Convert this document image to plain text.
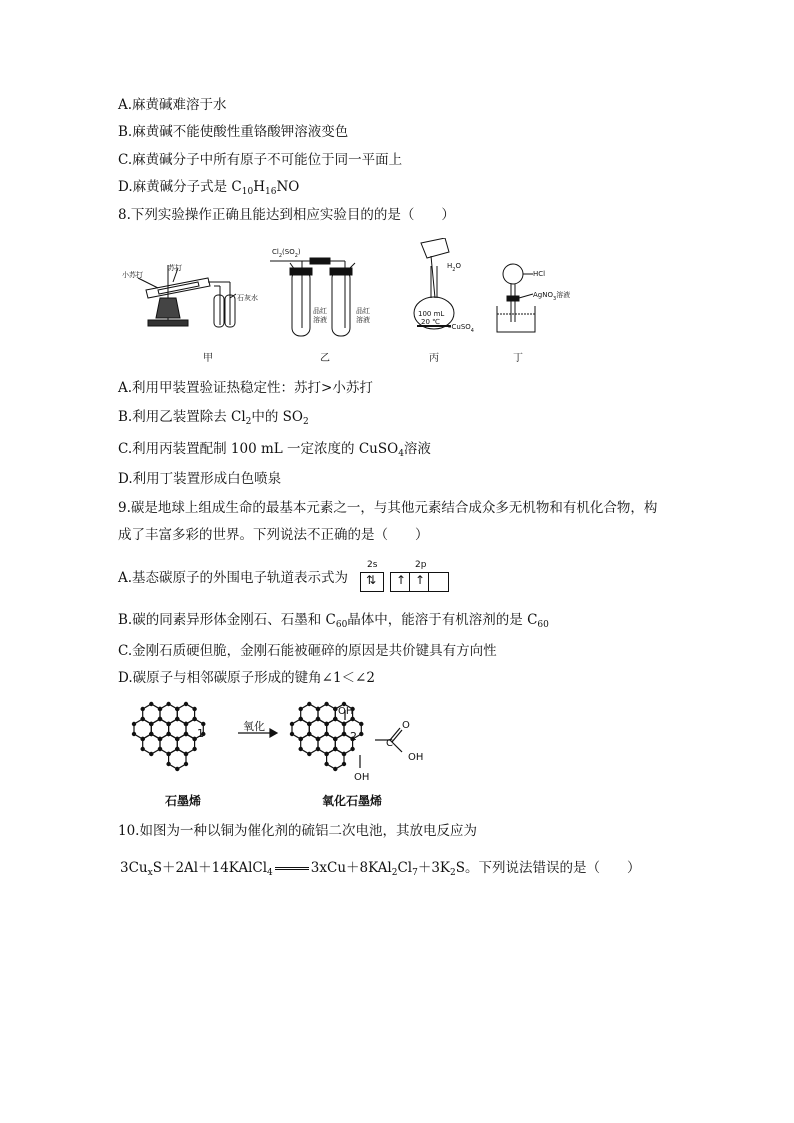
A.麻黄碱难溶于水
B.麻黄碱不能使酸性重铬酸钾溶液变色
C.麻黄碱分子中所有原子不可能位于同一平面上
D.麻黄碱分子式是 $C_{10}H_{16}NO$
8.下列实验操作正确且能达到相应实验目的的是（　　）
小苏打
苏打
石灰水
甲
$Cl_2(SO_2)$
品红
溶液
品红
溶液
乙
$H_2O$
100 mL
20 ℃
–CuSO$_4$
丙
HCl
AgNO$_3$溶液
丁
A.利用甲装置验证热稳定性：苏打>小苏打
B.利用乙装置除去 $Cl_2$中的 $SO_2$
C.利用丙装置配制 100 mL 一定浓度的 CuSO$_4$溶液
D.利用丁装置形成白色喷泉
9.碳是地球上组成生命的最基本元素之一，与其他元素结合成众多无机物和有机化合物，构
成了丰富多彩的世界。下列说法不正确的是（　　）
A.基态碳原子的外围电子轨道表示式为
2s	2p
⇅ ↑ ↑
B.碳的同素异形体金刚石、石墨和 $C_{60}$晶体中，能溶于有机溶剂的是 $C_{60}$
C.金刚石质硬但脆，金刚石能被砸碎的原因是共价键具有方向性
D.碳原子与相邻碳原子形成的键角∠1＜∠2
氧化
1	2
OH
OH
OH
O
C
石墨烯	氧化石墨烯
10.如图为一种以铜为催化剂的硫铝二次电池，其放电反应为
$3Cu_xS+2Al+14KAlCl_4$	$3xCu+8KAl_2Cl_7+3K_2S$。下列说法错误的是（　　）
